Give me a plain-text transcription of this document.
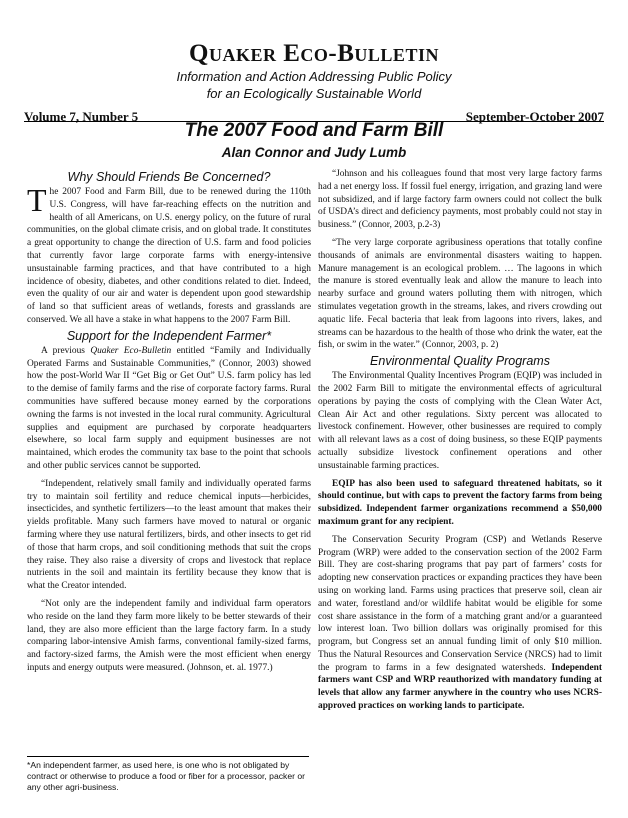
Quaker Eco-Bulletin
Information and Action Addressing Public Policy
for an Ecologically Sustainable World
Volume 7, Number 5	September-October 2007
The 2007 Food and Farm Bill
Alan Connor and Judy Lumb
Why Should Friends Be Concerned?

The 2007 Food and Farm Bill, due to be renewed during the 110th U.S. Congress, will have far-reaching effects on the nutrition and health of all Americans, on U.S. energy policy, on the future of rural communities, on the global climate crisis, and on global trade. It constitutes a great opportunity to change the direction of U.S. farm and food policies that currently favor large corporate farms with energy-intensive unsustainable farming practices, and that have contributed to a high incidence of obesity, diabetes, and other conditions related to diet. Indeed, even the quality of our air and water is dependent upon good stewardship of land so that sufficient areas of wetlands, forests and grasslands are conserved. We all have a stake in what happens to the 2007 Farm Bill.

Support for the Independent Farmer*

A previous Quaker Eco-Bulletin entitled “Family and Individually Operated Farms and Sustainable Communities,” (Connor, 2003) showed how the post-World War II “Get Big or Get Out” U.S. farm policy has led to the demise of family farms and the rise of corporate factory farms. Rural communities have suffered because money earned by the corporations owning the farms is not invested in the local rural community. Agricultural supplies and equipment are purchased by corporate headquarters elsewhere, so local farm supply and equipment businesses are not maintained, which erodes the community tax base to the point that schools and other public services cannot be supported.

“Independent, relatively small family and individually operated farms try to maintain soil fertility and reduce chemical inputs—herbicides, insecticides, and synthetic fertilizers—to the least amount that makes their yields profitable. Many such farmers have moved to natural or organic farming where they use natural fertilizers, birds, and other insects to get rid of those that harm crops, and soil conditioning methods that suit the crops they raise. They also raise a diversity of crops and livestock that replace nutrients in the soil and maintain its fertility because they know that is what the Creator intended.

“Not only are the independent family and individual farm operators who reside on the land they farm more likely to be better stewards of their land, they are also more efficient than the large factory farm. In a study comparing labor-intensive Amish farms, conventional family-sized farms, and factory-sized farms, the Amish were the most efficient when energy inputs and energy outputs were measured. (Johnson, et. al. 1977.)

*An independent farmer, as used here, is one who is not obligated by contract or otherwise to produce a food or fiber for a processor, packer or any other agri-business.

“Johnson and his colleagues found that most very large factory farms had a net energy loss. If fossil fuel energy, irrigation, and grazing land were not subsidized, and if large factory farm owners could not collect the bulk of USDA’s direct and deficiency payments, most probably could not stay in business.” (Connor, 2003, p.2-3)

“The very large corporate agribusiness operations that totally confine thousands of animals are environmental disasters waiting to happen. Manure management is an ecological problem. … The lagoons in which the manure is stored eventually leak and allow the manure to leach into nearby surface and ground waters polluting them with nitrogen, which stimulates vegetation growth in the streams, lakes, and rivers crowding out aquatic life. Fecal bacteria that leak from lagoons into rivers, lakes, and streams can be hazardous to the health of those who drink the water, eat the fish, or swim in the water.” (Connor, 2003, p. 2)

Environmental Quality Programs

The Environmental Quality Incentives Program (EQIP) was included in the 2002 Farm Bill to mitigate the environmental effects of agricultural operations by paying the costs of complying with the Clean Water Act, Clean Air Act and other regulations. Sixty percent was allocated to livestock confinement. However, other businesses are required to comply with all relevant laws as a cost of doing business, so these EQIP payments actually subsidize livestock confinement operations and other unsustainable farming practices.

EQIP has also been used to safeguard threatened habitats, so it should continue, but with caps to prevent the factory farms from being subsidized. Independent farmer organizations recommend a $50,000 maximum grant for any recipient.

The Conservation Security Program (CSP) and Wetlands Reserve Program (WRP) were added to the conservation section of the 2002 Farm Bill. They are cost-sharing programs that pay part of farmers’ costs for adopting new conservation practices or expanding practices they have been using on working land. Farms using practices that preserve soil, clean air and water, forestland and/or wildlife habitat would be eligible for some cost share assistance in the form of a matching grant and/or a guaranteed low interest loan. Two billion dollars was originally promised for this program, but Congress set an annual funding limit of only $10 million. Thus the Natural Resources and Conservation Service (NRCS) had to limit the program to farms in a few designated watersheds. Independent farmers want CSP and WRP reauthorized with mandatory funding at levels that allow any farmer anywhere in the country who uses NCRS-approved practices on working lands to participate.
